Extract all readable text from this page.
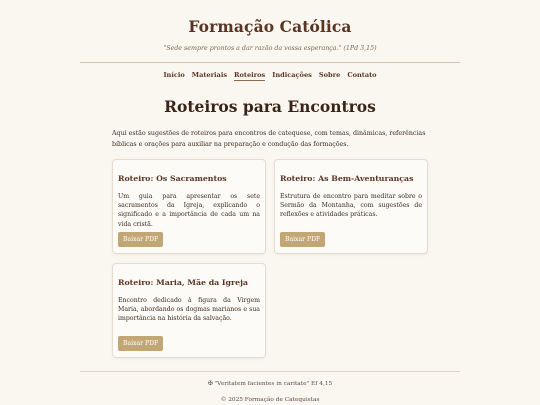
Formação Católica
"Sede sempre prontos a dar razão da vossa esperança." (1Pd 3,15)
Início Materiais Roteiros Indicações Sobre Contato
Roteiros para Encontros

Aqui estão sugestões de roteiros para encontros de catequese, com temas, dinâmicas, referências bíblicas e orações para auxiliar na preparação e condução das formações.

Roteiro: Os Sacramentos

Um guia para apresentar os sete sacramentos da Igreja, explicando o significado e a importância de cada um na vida cristã.

Baixar PDF
Roteiro: As Bem-Aventuranças

Estrutura de encontro para meditar sobre o Sermão da Montanha, com sugestões de reflexões e atividades práticas.

Baixar PDF
Roteiro: Maria, Mãe da Igreja

Encontro dedicado à figura da Virgem Maria, abordando os dogmas marianos e sua importância na história da salvação.

Baixar PDF
✠ "Veritatem facientes in caritate" Ef 4,15
© 2025 Formação de Catequistas
